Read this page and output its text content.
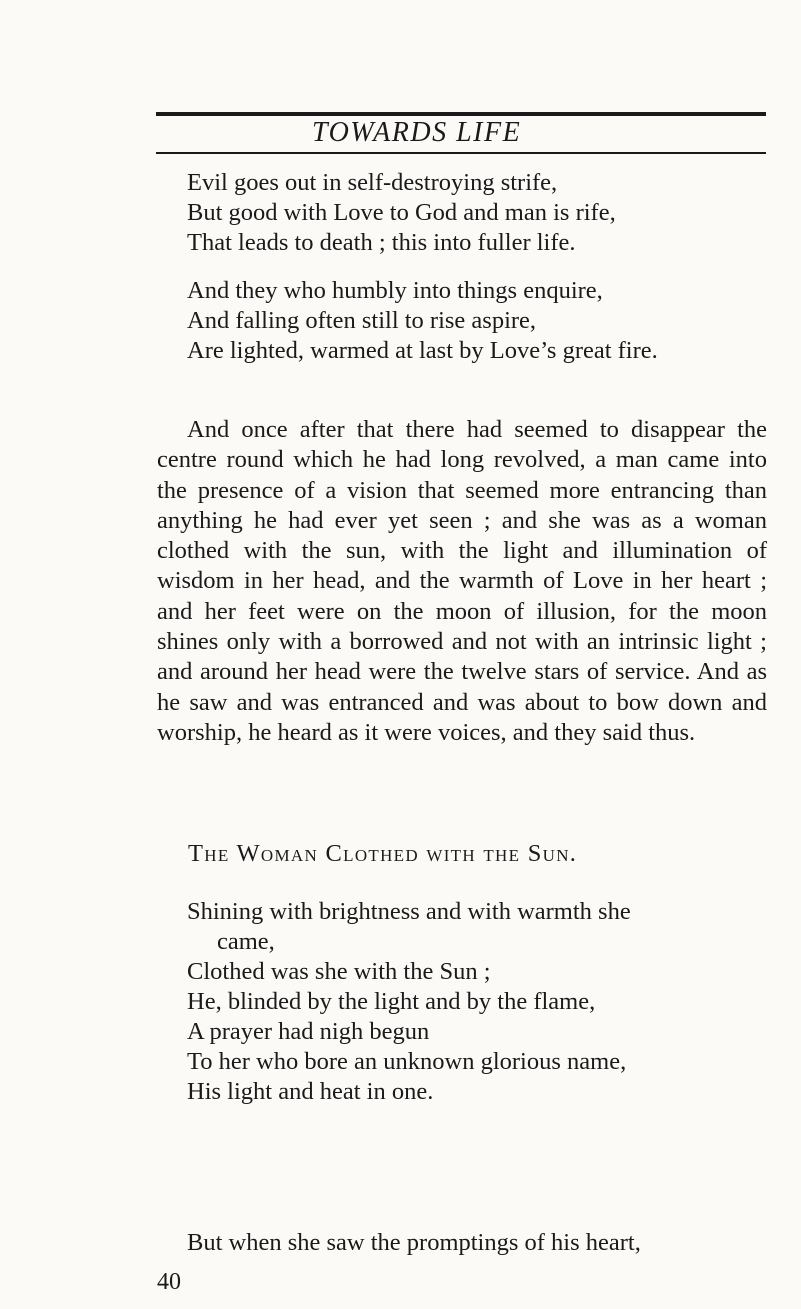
TOWARDS LIFE
Evil goes out in self-destroying strife,
But good with Love to God and man is rife,
That leads to death ; this into fuller life.
And they who humbly into things enquire,
And falling often still to rise aspire,
Are lighted, warmed at last by Love’s great fire.

And once after that there had seemed to disappear the centre round which he had long revolved, a man came into the presence of a vision that seemed more entrancing than anything he had ever yet seen ; and she was as a woman clothed with the sun, with the light and illumination of wisdom in her head, and the warmth of Love in her heart ; and her feet were on the moon of illusion, for the moon shines only with a borrowed and not with an intrinsic light ; and around her head were the twelve stars of service. And as he saw and was entranced and was about to bow down and worship, he heard as it were voices, and they said thus.

The Woman Clothed with the Sun.
Shining with brightness and with warmth she
came,
Clothed was she with the Sun ;
He, blinded by the light and by the flame,
A prayer had nigh begun
To her who bore an unknown glorious name,
His light and heat in one.
But when she saw the promptings of his heart,
40
